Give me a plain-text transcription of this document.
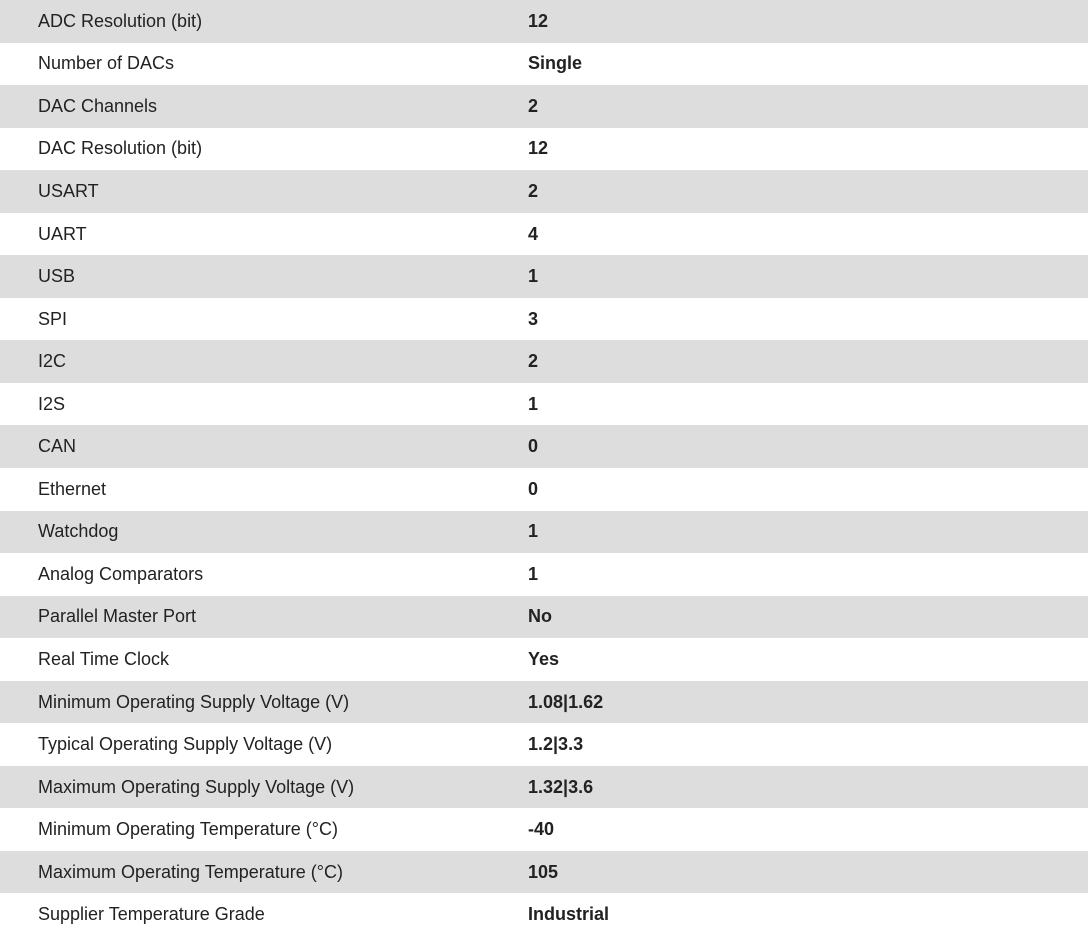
ADC Resolution (bit)	12
Number of DACs	Single
DAC Channels	2
DAC Resolution (bit)	12
USART	2
UART	4
USB	1
SPI	3
I2C	2
I2S	1
CAN	0
Ethernet	0
Watchdog	1
Analog Comparators	1
Parallel Master Port	No
Real Time Clock	Yes
Minimum Operating Supply Voltage (V)	1.08|1.62
Typical Operating Supply Voltage (V)	1.2|3.3
Maximum Operating Supply Voltage (V)	1.32|3.6
Minimum Operating Temperature (°C)	-40
Maximum Operating Temperature (°C)	105
Supplier Temperature Grade	Industrial
